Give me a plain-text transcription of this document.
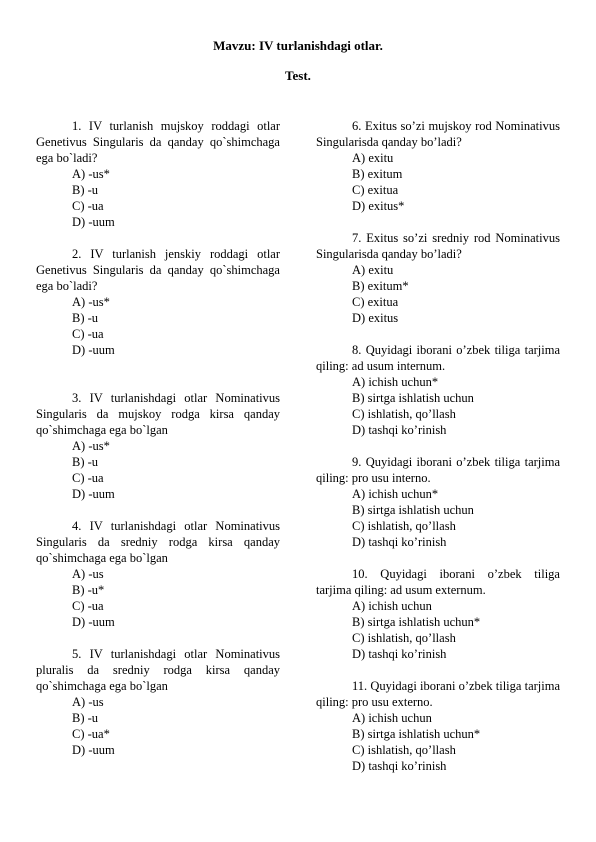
Mavzu: IV turlanishdagi otlar.
Test.
1. IV turlanish mujskoy roddagi otlar Genetivus Singularis da qanday qo`shimchaga ega bo`ladi?
A) -us*
B) -u
C) -ua
D) -uum
2. IV turlanish jenskiy roddagi otlar Genetivus Singularis da qanday qo`shimchaga ega bo`ladi?
A) -us*
B) -u
C) -ua
D) -uum
3. IV turlanishdagi otlar Nominativus Singularis da mujskoy rodga kirsa qanday qo`shimchaga ega bo`lgan
A) -us*
B) -u
C) -ua
D) -uum
4. IV turlanishdagi otlar Nominativus Singularis da sredniy rodga kirsa qanday qo`shimchaga ega bo`lgan
A) -us
B) -u*
C) -ua
D) -uum
5. IV turlanishdagi otlar Nominativus pluralis da sredniy rodga kirsa qanday qo`shimchaga ega bo`lgan
A) -us
B) -u
C) -ua*
D) -uum
6. Exitus so’zi mujskoy rod Nominativus Singularisda qanday bo’ladi?
A) exitu
B) exitum
C) exitua
D) exitus*
7. Exitus so’zi sredniy rod Nominativus Singularisda qanday bo’ladi?
A) exitu
B) exitum*
C) exitua
D) exitus
8. Quyidagi iborani o’zbek tiliga tarjima qiling: ad usum internum.
A) ichish uchun*
B) sirtga ishlatish uchun
C) ishlatish, qo’llash
D) tashqi ko’rinish
9. Quyidagi iborani o’zbek tiliga tarjima qiling: pro usu interno.
A) ichish uchun*
B) sirtga ishlatish uchun
C) ishlatish, qo’llash
D) tashqi ko’rinish
10. Quyidagi iborani o’zbek tiliga tarjima qiling: ad usum externum.
A) ichish uchun
B) sirtga ishlatish uchun*
C) ishlatish, qo’llash
D) tashqi ko’rinish
11. Quyidagi iborani o’zbek tiliga tarjima qiling: pro usu externo.
A) ichish uchun
B) sirtga ishlatish uchun*
C) ishlatish, qo’llash
D) tashqi ko’rinish
